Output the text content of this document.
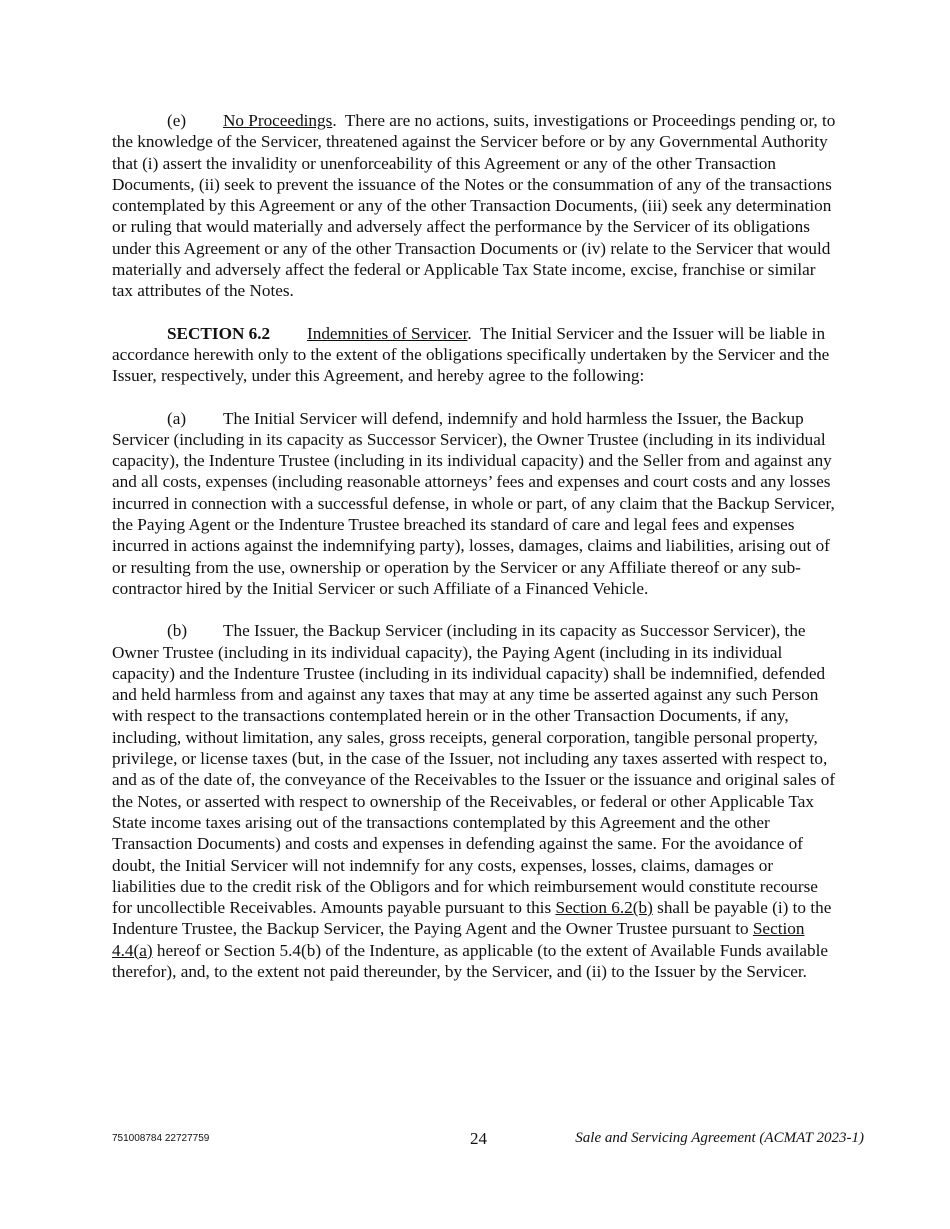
(e) No Proceedings.  There are no actions, suits, investigations or Proceedings pending or, to the knowledge of the Servicer, threatened against the Servicer before or by any Governmental Authority that (i) assert the invalidity or unenforceability of this Agreement or any of the other Transaction Documents, (ii) seek to prevent the issuance of the Notes or the consummation of any of the transactions contemplated by this Agreement or any of the other Transaction Documents, (iii) seek any determination or ruling that would materially and adversely affect the performance by the Servicer of its obligations under this Agreement or any of the other Transaction Documents or (iv) relate to the Servicer that would materially and adversely affect the federal or Applicable Tax State income, excise, franchise or similar tax attributes of the Notes.

SECTION 6.2 Indemnities of Servicer.  The Initial Servicer and the Issuer will be liable in accordance herewith only to the extent of the obligations specifically undertaken by the Servicer and the Issuer, respectively, under this Agreement, and hereby agree to the following:

(a) The Initial Servicer will defend, indemnify and hold harmless the Issuer, the Backup Servicer (including in its capacity as Successor Servicer), the Owner Trustee (including in its individual capacity), the Indenture Trustee (including in its individual capacity) and the Seller from and against any and all costs, expenses (including reasonable attorneys’ fees and expenses and court costs and any losses incurred in connection with a successful defense, in whole or part, of any claim that the Backup Servicer, the Paying Agent or the Indenture Trustee breached its standard of care and legal fees and expenses incurred in actions against the indemnifying party), losses, damages, claims and liabilities, arising out of or resulting from the use, ownership or operation by the Servicer or any Affiliate thereof or any sub-contractor hired by the Initial Servicer or such Affiliate of a Financed Vehicle.

(b) The Issuer, the Backup Servicer (including in its capacity as Successor Servicer), the Owner Trustee (including in its individual capacity), the Paying Agent (including in its individual capacity) and the Indenture Trustee (including in its individual capacity) shall be indemnified, defended and held harmless from and against any taxes that may at any time be asserted against any such Person with respect to the transactions contemplated herein or in the other Transaction Documents, if any, including, without limitation, any sales, gross receipts, general corporation, tangible personal property, privilege, or license taxes (but, in the case of the Issuer, not including any taxes asserted with respect to, and as of the date of, the conveyance of the Receivables to the Issuer or the issuance and original sales of the Notes, or asserted with respect to ownership of the Receivables, or federal or other Applicable Tax State income taxes arising out of the transactions contemplated by this Agreement and the other Transaction Documents) and costs and expenses in defending against the same. For the avoidance of doubt, the Initial Servicer will not indemnify for any costs, expenses, losses, claims, damages or liabilities due to the credit risk of the Obligors and for which reimbursement would constitute recourse for uncollectible Receivables. Amounts payable pursuant to this Section 6.2(b) shall be payable (i) to the Indenture Trustee, the Backup Servicer, the Paying Agent and the Owner Trustee pursuant to Section 4.4(a) hereof or Section 5.4(b) of the Indenture, as applicable (to the extent of Available Funds available therefor), and, to the extent not paid thereunder, by the Servicer, and (ii) to the Issuer by the Servicer.

751008784 22727759	24	Sale and Servicing Agreement (ACMAT 2023-1)
